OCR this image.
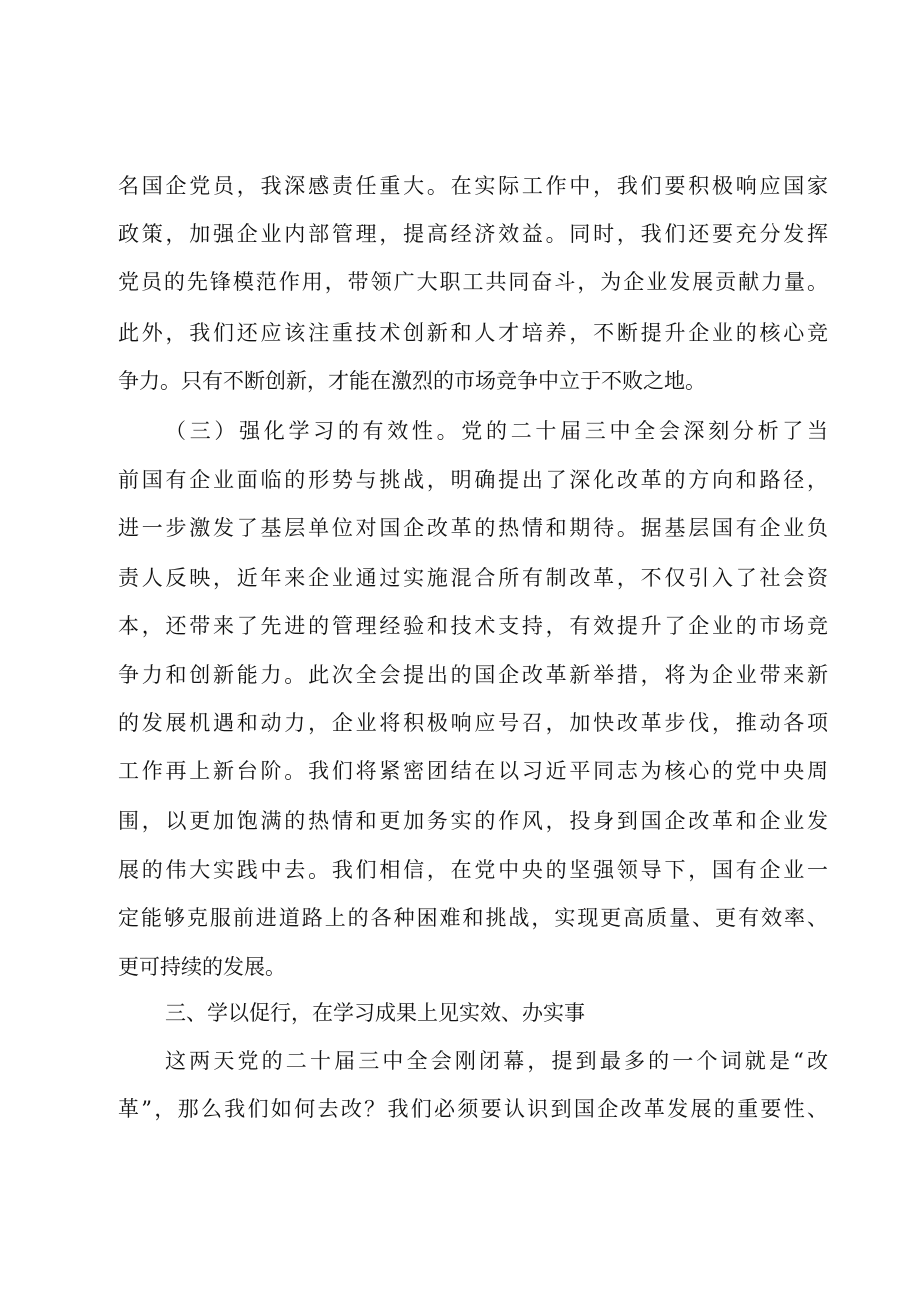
名国企党员，我深感责任重大。在实际工作中，我们要积极响应国家
政策，加强企业内部管理，提高经济效益。同时，我们还要充分发挥
党员的先锋模范作用，带领广大职工共同奋斗，为企业发展贡献力量。
此外，我们还应该注重技术创新和人才培养，不断提升企业的核心竞
争力。只有不断创新，才能在激烈的市场竞争中立于不败之地。
（三）强化学习的有效性。党的二十届三中全会深刻分析了当
前国有企业面临的形势与挑战，明确提出了深化改革的方向和路径，
进一步激发了基层单位对国企改革的热情和期待。据基层国有企业负
责人反映，近年来企业通过实施混合所有制改革，不仅引入了社会资
本，还带来了先进的管理经验和技术支持，有效提升了企业的市场竞
争力和创新能力。此次全会提出的国企改革新举措，将为企业带来新
的发展机遇和动力，企业将积极响应号召，加快改革步伐，推动各项
工作再上新台阶。我们将紧密团结在以习近平同志为核心的党中央周
围，以更加饱满的热情和更加务实的作风，投身到国企改革和企业发
展的伟大实践中去。我们相信，在党中央的坚强领导下，国有企业一
定能够克服前进道路上的各种困难和挑战，实现更高质量、更有效率、
更可持续的发展。
三、学以促行，在学习成果上见实效、办实事
这两天党的二十届三中全会刚闭幕，提到最多的一个词就是“改
革”，那么我们如何去改？我们必须要认识到国企改革发展的重要性、
